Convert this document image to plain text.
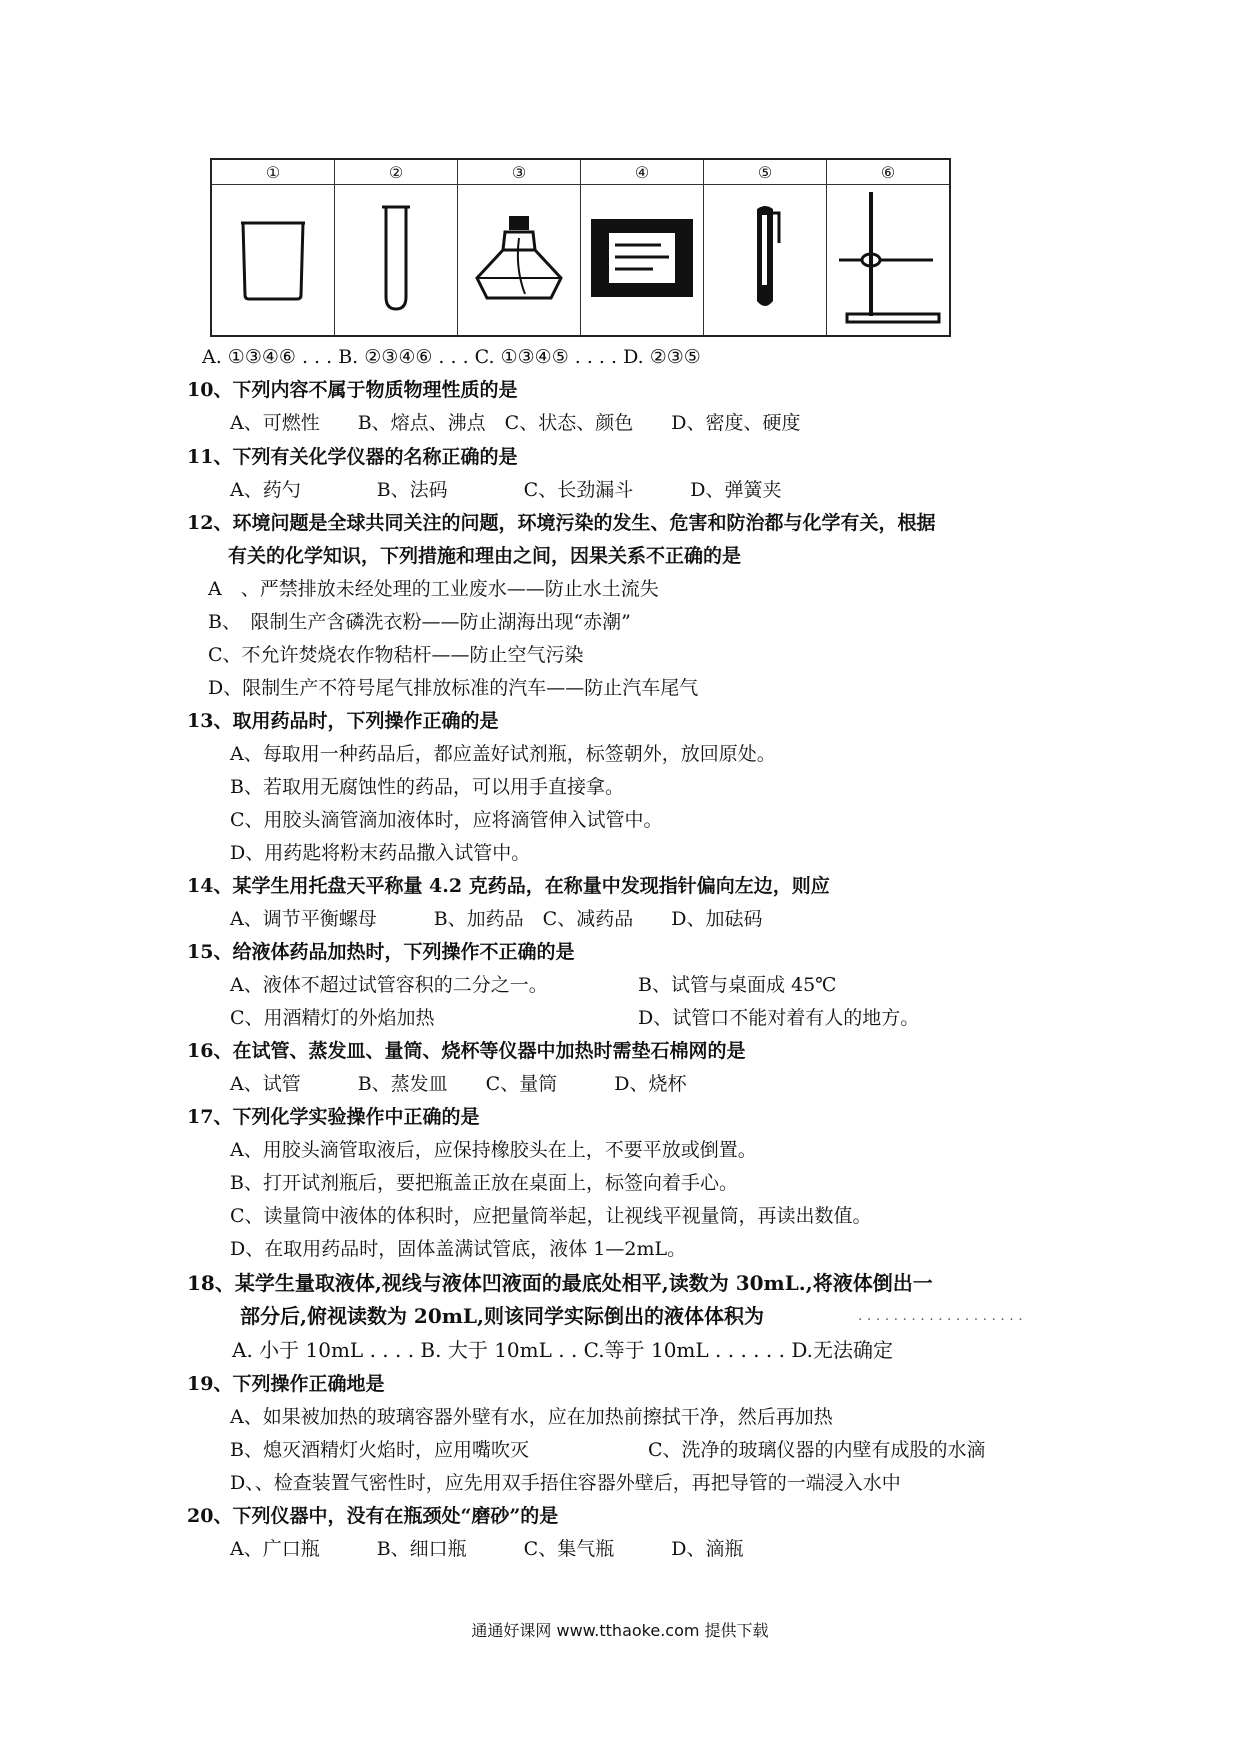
①	②	③	④	⑤	⑥

A. ①③④⑥ . . . B. ②③④⑥ . . . C. ①③④⑤ . . . . D. ②③⑤
10、下列内容不属于物质物理性质的是
A、可燃性　　B、熔点、沸点　C、状态、颜色　　D、密度、硬度
11、下列有关化学仪器的名称正确的是
A、药勺　　　　B、法码　　　　C、长劲漏斗　　　D、弹簧夹
12、环境问题是全球共同关注的问题，环境污染的发生、危害和防治都与化学有关，根据
有关的化学知识，下列措施和理由之间，因果关系不正确的是
A　、严禁排放未经处理的工业废水——防止水土流失
B、　限制生产含磷洗衣粉——防止湖海出现“赤潮”
C、不允许焚烧农作物秸杆——防止空气污染
D、限制生产不符号尾气排放标准的汽车——防止汽车尾气
13、取用药品时，下列操作正确的是
A、每取用一种药品后，都应盖好试剂瓶，标签朝外，放回原处。
B、若取用无腐蚀性的药品，可以用手直接拿。
C、用胶头滴管滴加液体时，应将滴管伸入试管中。
D、用药匙将粉末药品撒入试管中。
14、某学生用托盘天平称量 4.2 克药品，在称量中发现指针偏向左边，则应
A、调节平衡螺母　　　B、加药品　C、减药品　　D、加砝码
15、给液体药品加热时，下列操作不正确的是
A、液体不超过试管容积的二分之一。	B、试管与桌面成 45℃
C、用酒精灯的外焰加热	D、试管口不能对着有人的地方。
16、在试管、蒸发皿、量筒、烧杯等仪器中加热时需垫石棉网的是
A、试管　　　B、蒸发皿　　C、量筒　　　D、烧杯
17、下列化学实验操作中正确的是
A、用胶头滴管取液后，应保持橡胶头在上，不要平放或倒置。
B、打开试剂瓶后，要把瓶盖正放在桌面上，标签向着手心。
C、读量筒中液体的体积时，应把量筒举起，让视线平视量筒，再读出数值。
D、在取用药品时，固体盖满试管底，液体 1—2mL。
18、某学生量取液体,视线与液体凹液面的最底处相平,读数为 30mL.,将液体倒出一
部分后,俯视读数为 20mL,则该同学实际倒出的液体体积为	. . . . . . . . . . . . . . . . . . .
A. 小于 10mL . . . . B. 大于 10mL . . C.等于 10mL . . . . . . D.无法确定
19、下列操作正确地是
A、如果被加热的玻璃容器外壁有水，应在加热前擦拭干净，然后再加热
B、熄灭酒精灯火焰时，应用嘴吹灭	C、洗净的玻璃仪器的内壁有成股的水滴
D、、检查装置气密性时，应先用双手捂住容器外壁后，再把导管的一端浸入水中
20、下列仪器中，没有在瓶颈处“磨砂”的是
A、广口瓶　　　B、细口瓶　　　C、集气瓶　　　D、滴瓶
通通好课网 www.tthaoke.com 提供下载
